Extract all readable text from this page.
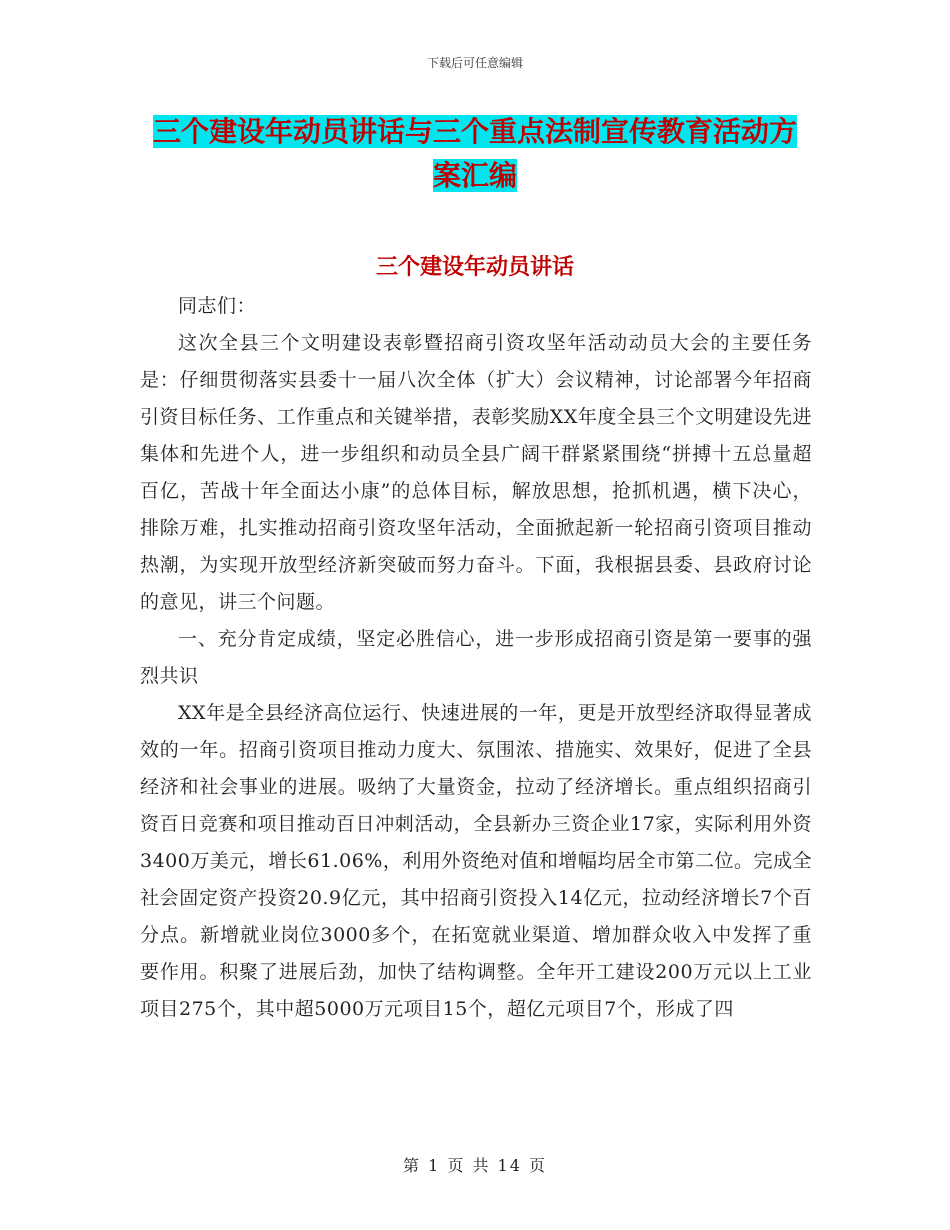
下载后可任意编辑
三个建设年动员讲话与三个重点法制宣传教育活动方
案汇编
三个建设年动员讲话

同志们：

这次全县三个文明建设表彰暨招商引资攻坚年活动动员大会的主要任务是：仔细贯彻落实县委十一届八次全体（扩大）会议精神，讨论部署今年招商引资目标任务、工作重点和关键举措，表彰奖励XX年度全县三个文明建设先进集体和先进个人，进一步组织和动员全县广阔干群紧紧围绕“拼搏十五总量超百亿，苦战十年全面达小康”的总体目标，解放思想，抢抓机遇，横下决心，排除万难，扎实推动招商引资攻坚年活动，全面掀起新一轮招商引资项目推动热潮，为实现开放型经济新突破而努力奋斗。下面，我根据县委、县政府讨论的意见，讲三个问题。

一、充分肯定成绩，坚定必胜信心，进一步形成招商引资是第一要事的强烈共识

XX年是全县经济高位运行、快速进展的一年，更是开放型经济取得显著成效的一年。招商引资项目推动力度大、氛围浓、措施实、效果好，促进了全县经济和社会事业的进展。吸纳了大量资金，拉动了经济增长。重点组织招商引资百日竞赛和项目推动百日冲刺活动，全县新办三资企业17家，实际利用外资3400万美元，增长61.06%，利用外资绝对值和增幅均居全市第二位。完成全社会固定资产投资20.9亿元，其中招商引资投入14亿元，拉动经济增长7个百分点。新增就业岗位3000多个，在拓宽就业渠道、增加群众收入中发挥了重要作用。积聚了进展后劲，加快了结构调整。全年开工建设200万元以上工业项目275个，其中超5000万元项目15个，超亿元项目7个，形成了四

第 1 页 共 14 页
